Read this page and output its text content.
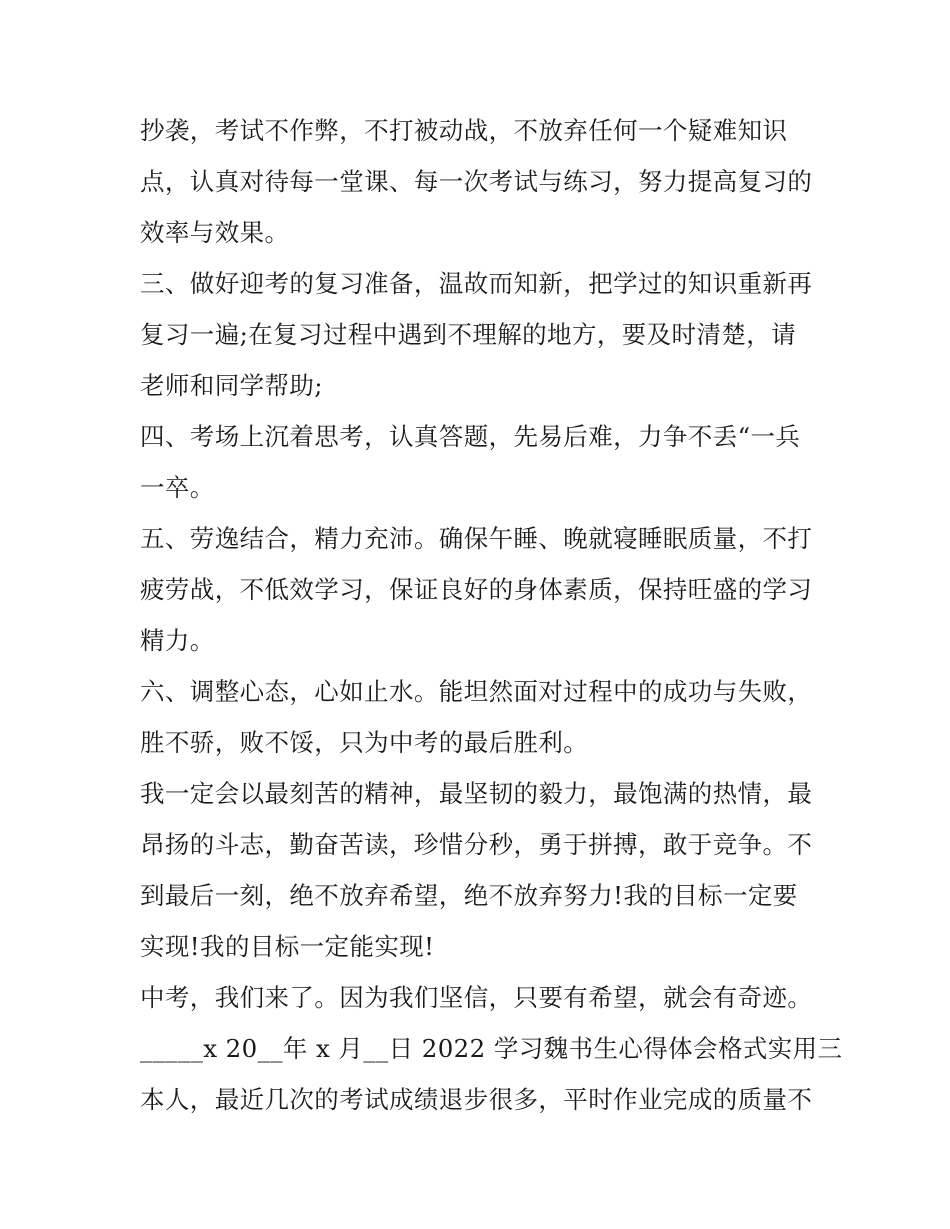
抄袭，考试不作弊，不打被动战，不放弃任何一个疑难知识
点，认真对待每一堂课、每一次考试与练习，努力提高复习的
效率与效果。
三、做好迎考的复习准备，温故而知新，把学过的知识重新再
复习一遍;在复习过程中遇到不理解的地方，要及时清楚，请
老师和同学帮助;
四、考场上沉着思考，认真答题，先易后难，力争不丢“一兵
一卒。
五、劳逸结合，精力充沛。确保午睡、晚就寝睡眠质量，不打
疲劳战，不低效学习，保证良好的身体素质，保持旺盛的学习
精力。
六、调整心态，心如止水。能坦然面对过程中的成功与失败，
胜不骄，败不馁，只为中考的最后胜利。
我一定会以最刻苦的精神，最坚韧的毅力，最饱满的热情，最
昂扬的斗志，勤奋苦读，珍惜分秒，勇于拼搏，敢于竞争。不
到最后一刻，绝不放弃希望，绝不放弃努力!我的目标一定要
实现!我的目标一定能实现!
中考，我们来了。因为我们坚信，只要有希望，就会有奇迹。
_____x 20__年 x 月__日 2022 学习魏书生心得体会格式实用三
本人，最近几次的考试成绩退步很多，平时作业完成的质量不
